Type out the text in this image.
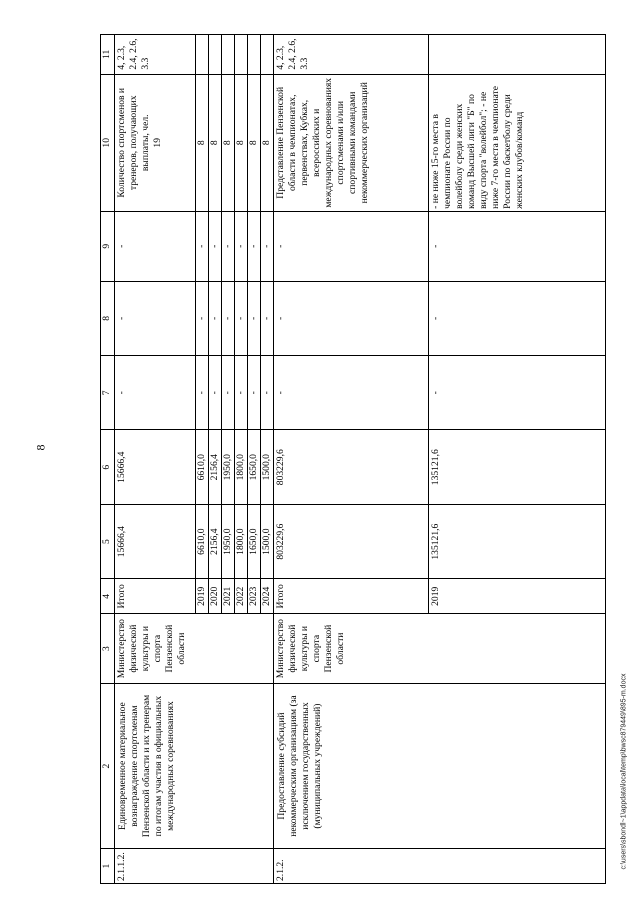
8
c:\users\sbondl~1\appdata\local\temp\bwsc879449\895-m.docx
1	2	3	4	5	6	7	8	9	10	11
2.1.1.2.	Единовременное материальное вознаграждение спортсменам Пензенской области и их тренерам по итогам участия в официальных международных соревнованиях	Министерство физической культуры и спорта Пензенской области	Итого	15666,4	15666,4	-	-	-	Количество спортсменов и тренеров, получающих выплаты, чел. 19	4, 2.3, 2.4, 2.6, 3.3
			2019	6610,0	6610,0	-	-	-	8	
			2020	2156,4	2156,4	-	-	-	8	
			2021	1950,0	1950,0	-	-	-	8	
			2022	1800,0	1800,0	-	-	-	8	
			2023	1650,0	1650,0	-	-	-	8	
			2024	1500,0	1500,0	-	-	-	8	
2.1.2.	Предоставление субсидий некоммерческим организациям (за исключением государственных (муниципальных учреждений)	Министерство физической культуры и спорта Пензенской области	Итого	803229,6	803229,6	-	-	-	Представление Пензенской области в чемпионатах, первенствах, Кубках, всероссийских и международных соревнованиях спортсменами и/или спортивными командами некоммерческих организаций	4, 2.3, 2.4, 2.6, 3.3
			2019	135121,6	135121,6	-	-	-	- не ниже 15-го места в чемпионате России по волейболу среди женских команд Высшей лиги "Б" по виду спорта "волейбол"; - не ниже 7-го места в чемпионате России по баскетболу среди женских клубов/команд	
